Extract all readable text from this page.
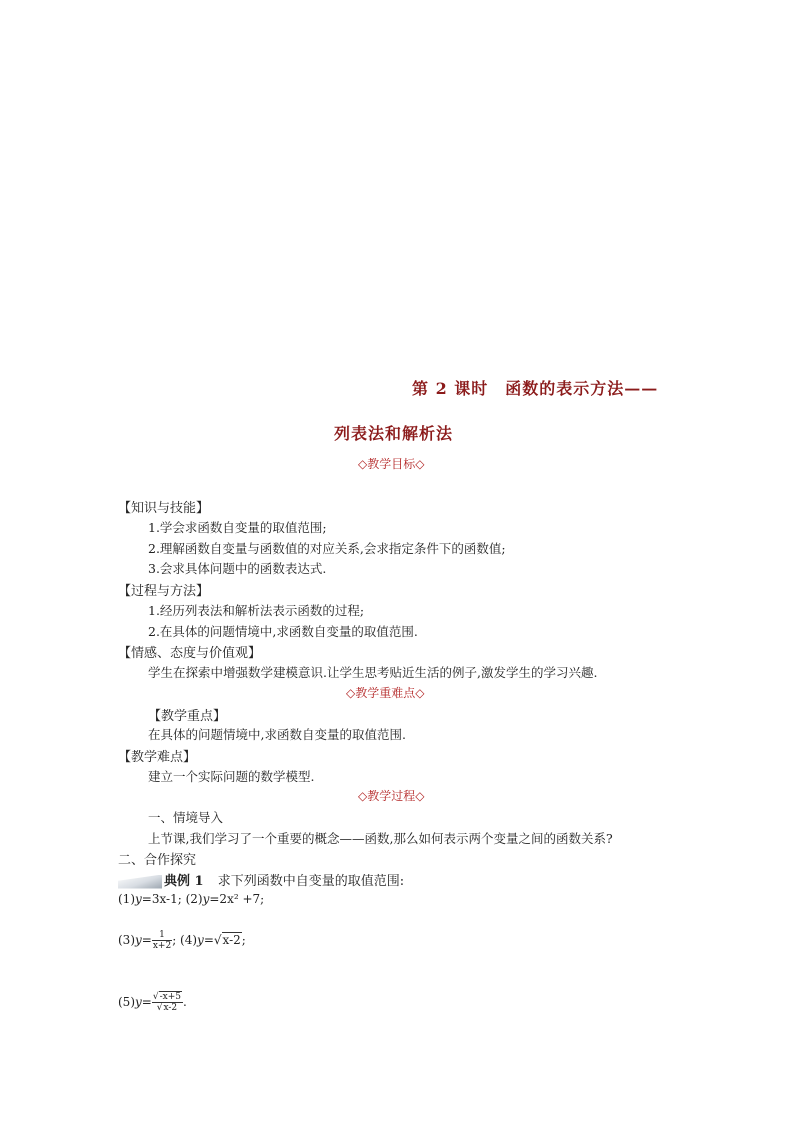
第 2 课时　函数的表示方法——
列表法和解析法
◇教学目标◇
【知识与技能】
1.学会求函数自变量的取值范围;
2.理解函数自变量与函数值的对应关系,会求指定条件下的函数值;
3.会求具体问题中的函数表达式.
【过程与方法】
1.经历列表法和解析法表示函数的过程;
2.在具体的问题情境中,求函数自变量的取值范围.
【情感、态度与价值观】
学生在探索中增强数学建模意识.让学生思考贴近生活的例子,激发学生的学习兴趣.
◇教学重难点◇
【教学重点】
在具体的问题情境中,求函数自变量的取值范围.
【教学难点】
建立一个实际问题的数学模型.
◇教学过程◇
一、情境导入
上节课,我们学习了一个重要的概念——函数,那么如何表示两个变量之间的函数关系?
二、合作探究
典例 1 求下列函数中自变量的取值范围:
(1)y=3x-1; (2)y=2x² +7;
$(3)y= \frac{1}{x+2}$ ; (4)y=√x-2;
$(5)y= \frac{√-x+5}{√x-2}$ .
